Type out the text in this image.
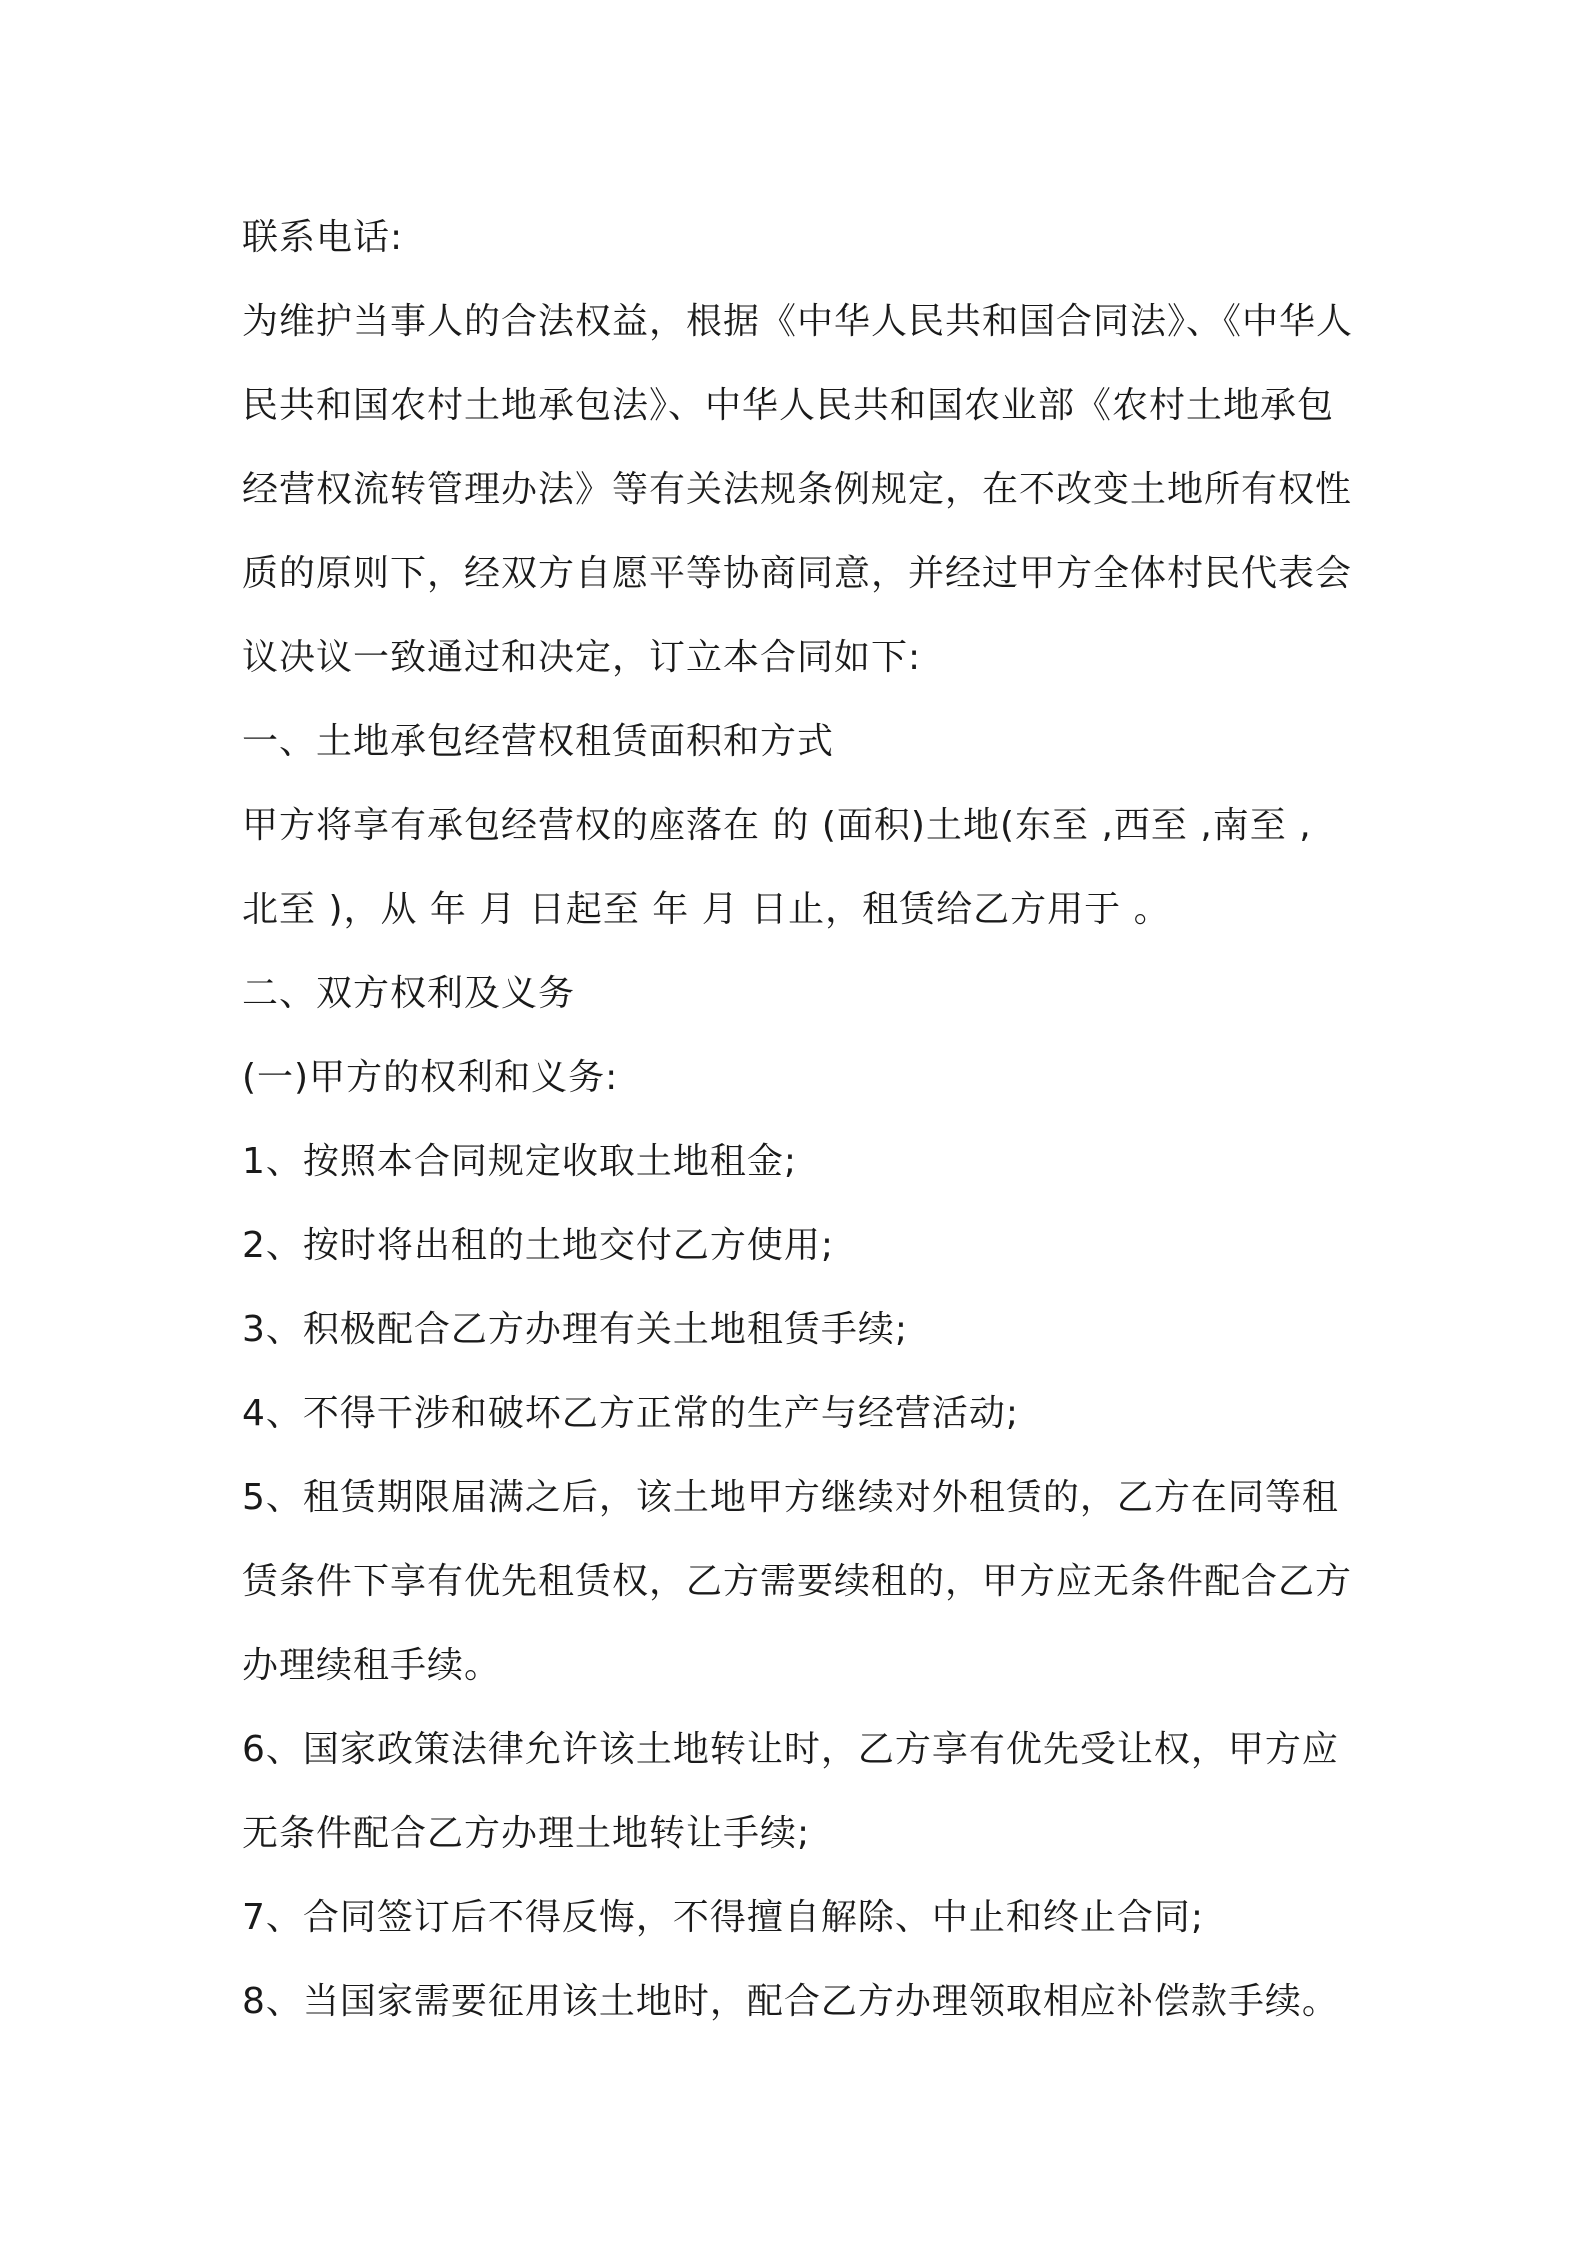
联系电话:

为维护当事人的合法权益，根据《中华人民共和国合同法》、《中华人

民共和国农村土地承包法》、中华人民共和国农业部《农村土地承包

经营权流转管理办法》等有关法规条例规定，在不改变土地所有权性

质的原则下，经双方自愿平等协商同意，并经过甲方全体村民代表会

议决议一致通过和决定，订立本合同如下:

一、土地承包经营权租赁面积和方式

甲方将享有承包经营权的座落在 的 (面积)土地(东至 ,西至 ,南至 ,

北至 )，从 年 月 日起至 年 月 日止，租赁给乙方用于 。

二、双方权利及义务

(一)甲方的权利和义务:

1、按照本合同规定收取土地租金;

2、按时将出租的土地交付乙方使用;

3、积极配合乙方办理有关土地租赁手续;

4、不得干涉和破坏乙方正常的生产与经营活动;

5、租赁期限届满之后，该土地甲方继续对外租赁的，乙方在同等租

赁条件下享有优先租赁权，乙方需要续租的，甲方应无条件配合乙方

办理续租手续。

6、国家政策法律允许该土地转让时，乙方享有优先受让权，甲方应

无条件配合乙方办理土地转让手续;

7、合同签订后不得反悔，不得擅自解除、中止和终止合同;

8、当国家需要征用该土地时，配合乙方办理领取相应补偿款手续。
